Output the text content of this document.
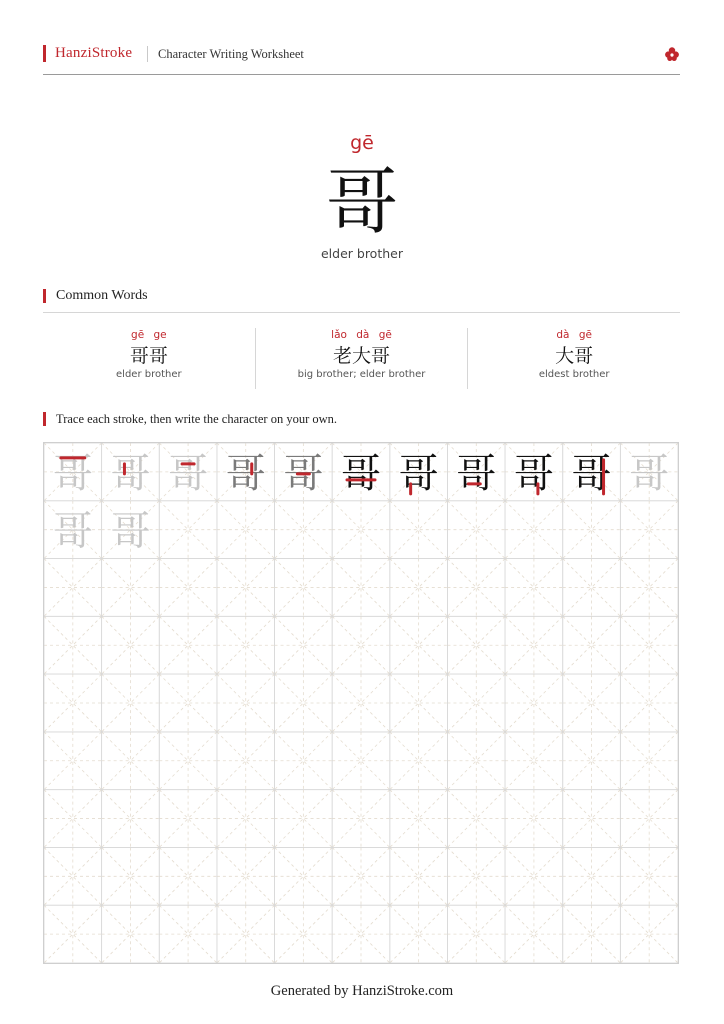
HanziStroke Character Writing Worksheet
gē
哥
elder brother
Common Words
gē ge
哥哥
elder brother
lǎo dà gē
老大哥
big brother; elder brother
dà gē
大哥
eldest brother
Trace each stroke, then write the character on your own.
哥 哥 哥 哥 哥 哥 哥 哥 哥 哥 哥
哥 哥
Generated by HanziStroke.com
